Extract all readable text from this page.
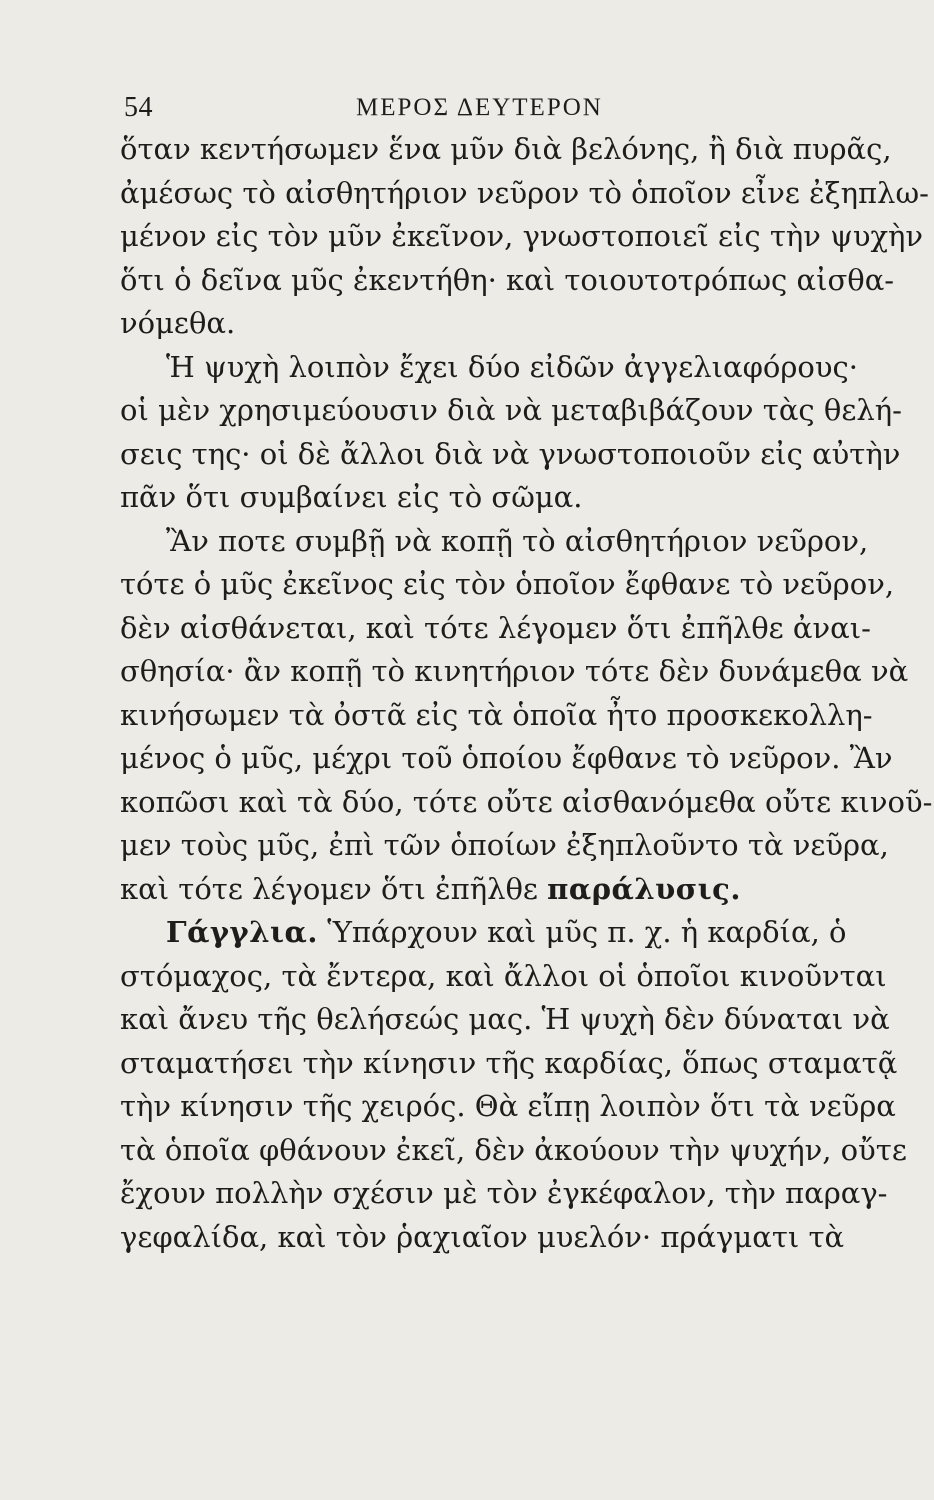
54	ΜΕΡΟΣ ΔΕΥΤΕΡΟΝ
ὅταν κεντήσωμεν ἕνα μῦν διὰ βελόνης, ἢ διὰ πυρᾶς,
ἀμέσως τὸ αἰσθητήριον νεῦρον τὸ ὁποῖον εἶνε ἐξηπλω-
μένον εἰς τὸν μῦν ἐκεῖνον, γνωστοποιεῖ εἰς τὴν ψυχὴν
ὅτι ὁ δεῖνα μῦς ἐκεντήθη· καὶ τοιουτοτρόπως αἰσθα-
νόμεθα.
Ἡ ψυχὴ λοιπὸν ἔχει δύο εἰδῶν ἀγγελιαφόρους·
οἱ μὲν χρησιμεύουσιν διὰ νὰ μεταβιβάζουν τὰς θελή-
σεις της· οἱ δὲ ἄλλοι διὰ νὰ γνωστοποιοῦν εἰς αὐτὴν
πᾶν ὅτι συμβαίνει εἰς τὸ σῶμα.
Ἂν ποτε συμβῇ νὰ κοπῇ τὸ αἰσθητήριον νεῦρον,
τότε ὁ μῦς ἐκεῖνος εἰς τὸν ὁποῖον ἔφθανε τὸ νεῦρον,
δὲν αἰσθάνεται, καὶ τότε λέγομεν ὅτι ἐπῆλθε ἀναι-
σθησία· ἂν κοπῇ τὸ κινητήριον τότε δὲν δυνάμεθα νὰ
κινήσωμεν τὰ ὀστᾶ εἰς τὰ ὁποῖα ἦτο προσκεκολλη-
μένος ὁ μῦς, μέχρι τοῦ ὁποίου ἔφθανε τὸ νεῦρον. Ἂν
κοπῶσι καὶ τὰ δύο, τότε οὔτε αἰσθανόμεθα οὔτε κινοῦ-
μεν τοὺς μῦς, ἐπὶ τῶν ὁποίων ἐξηπλοῦντο τὰ νεῦρα,
καὶ τότε λέγομεν ὅτι ἐπῆλθε παράλυσις.
Γάγγλια. Ὑπάρχουν καὶ μῦς π. χ. ἡ καρδία, ὁ
στόμαχος, τὰ ἔντερα, καὶ ἄλλοι οἱ ὁποῖοι κινοῦνται
καὶ ἄνευ τῆς θελήσεώς μας. Ἡ ψυχὴ δὲν δύναται νὰ
σταματήσει τὴν κίνησιν τῆς καρδίας, ὅπως σταματᾷ
τὴν κίνησιν τῆς χειρός. Θὰ εἴπῃ λοιπὸν ὅτι τὰ νεῦρα
τὰ ὁποῖα φθάνουν ἐκεῖ, δὲν ἀκούουν τὴν ψυχήν, οὔτε
ἔχουν πολλὴν σχέσιν μὲ τὸν ἐγκέφαλον, τὴν παραγ-
γεφαλίδα, καὶ τὸν ῥαχιαῖον μυελόν· πράγματι τὰ
